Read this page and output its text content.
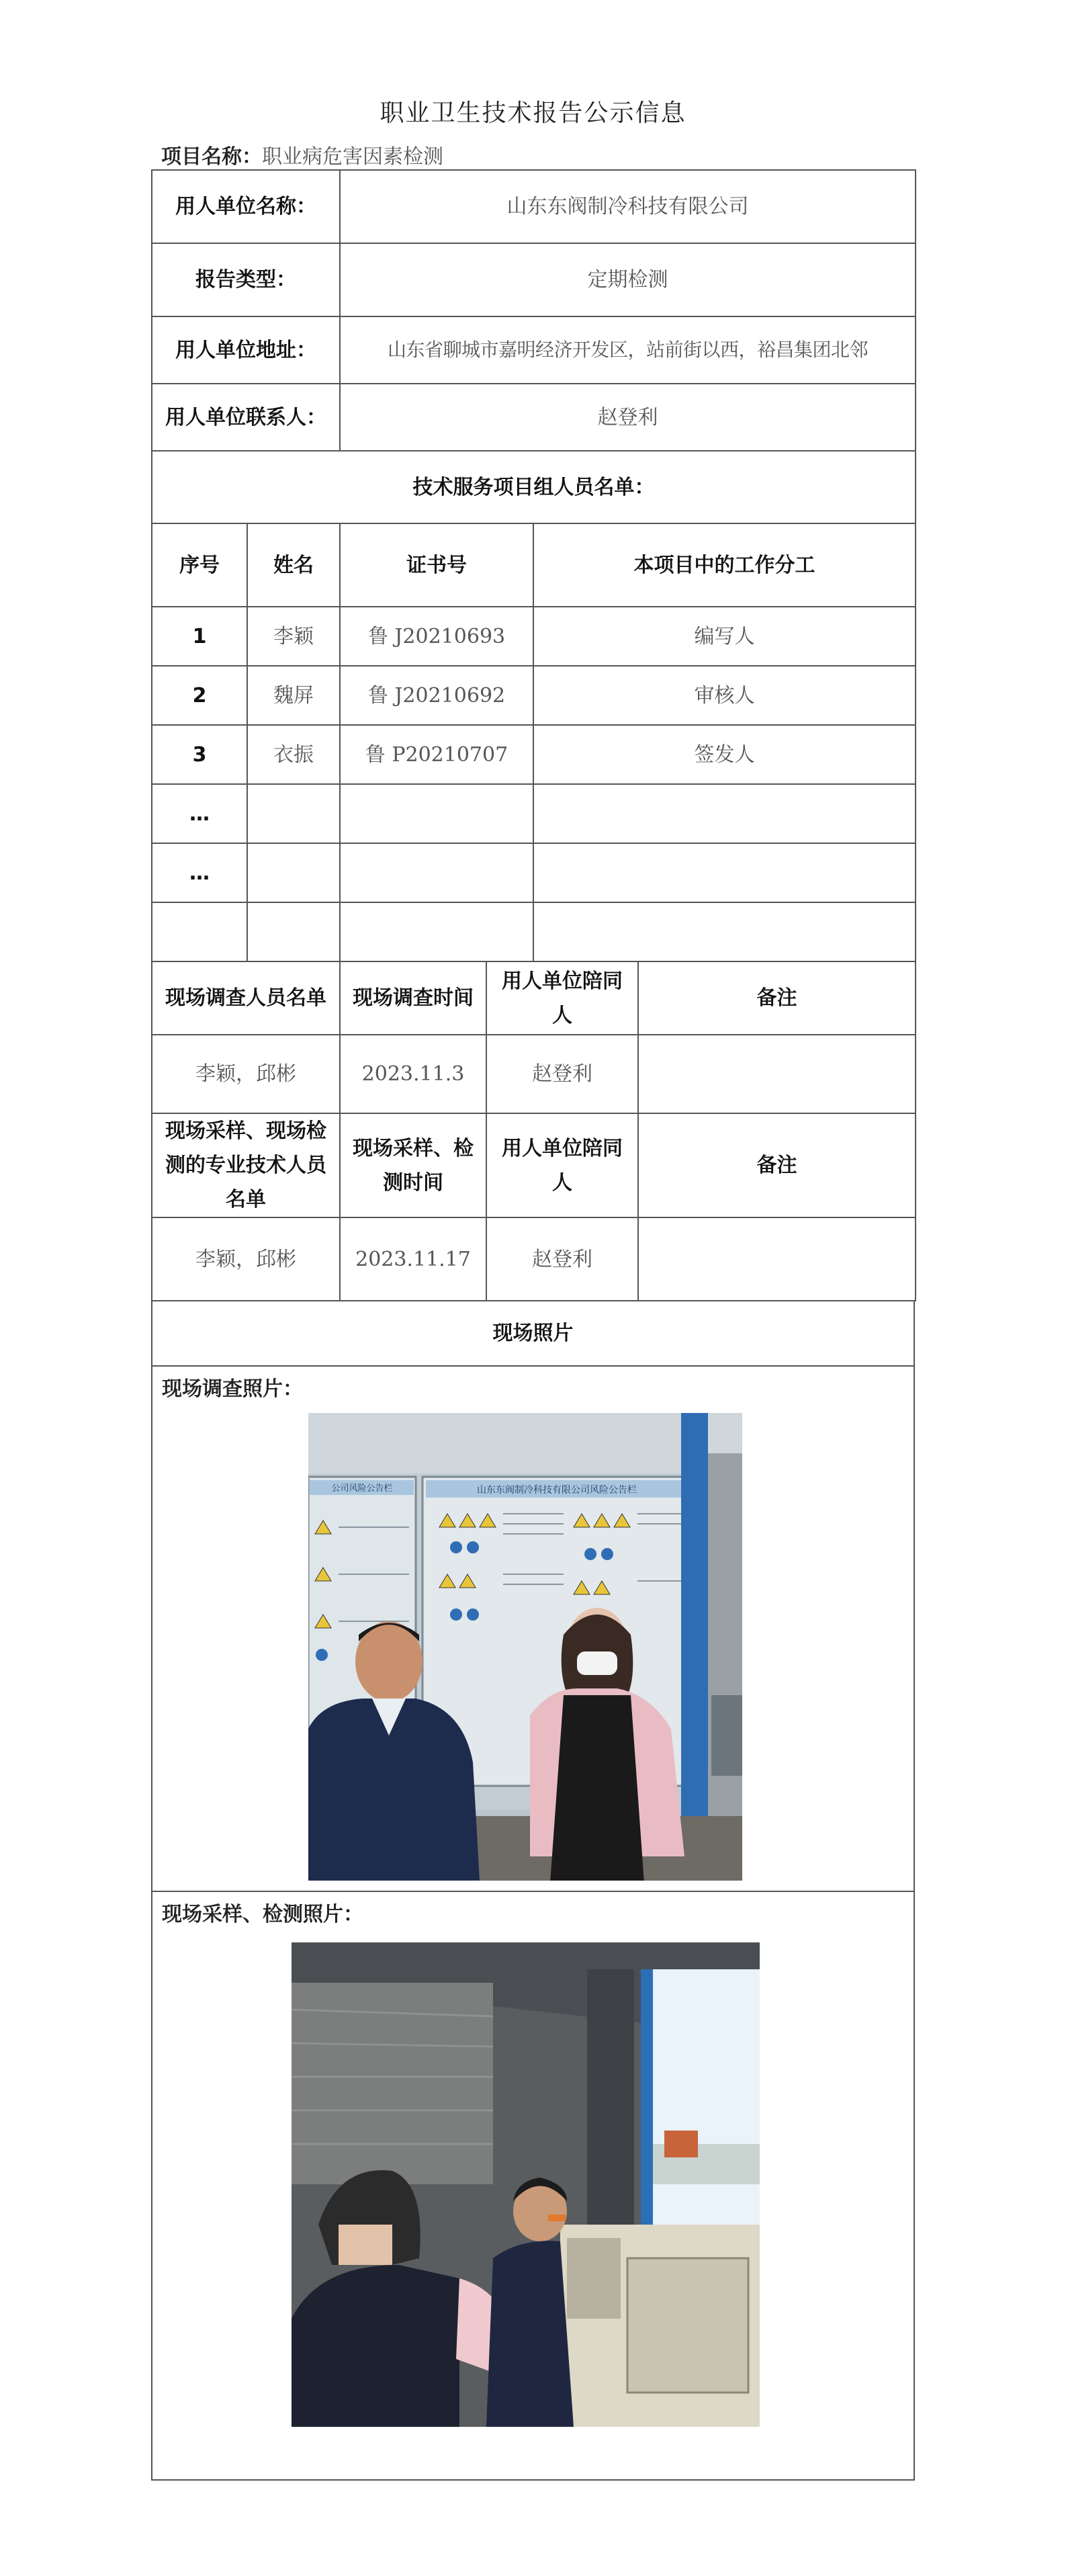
职业卫生技术报告公示信息
项目名称：职业病危害因素检测
用人单位名称：		山东东阀制冷科技有限公司			
报告类型：		定期检测			
用人单位地址：		山东省聊城市嘉明经济开发区，站前街以西，裕昌集团北邻			
用人单位联系人：		赵登利			
技术服务项目组人员名单：					
序号	姓名	证书号		本项目中的工作分工	
1	李颖	鲁 J20210693		编写人	
2	魏屏	鲁 J20210692		审核人	
3	衣振	鲁 P20210707		签发人	
…					
…					

现场调查人员名单		现场调查时间	用人单位陪同人		备注
李颖，邱彬		2023.11.3	赵登利		
现场采样、现场检测的专业技术人员名单		现场采样、检测时间	用人单位陪同人		备注
李颖，邱彬		2023.11.17	赵登利		
现场照片

现场调查照片：
山东东阀制冷科技有限公司风险公告栏
公司风险公告栏

现场采样、检测照片：
